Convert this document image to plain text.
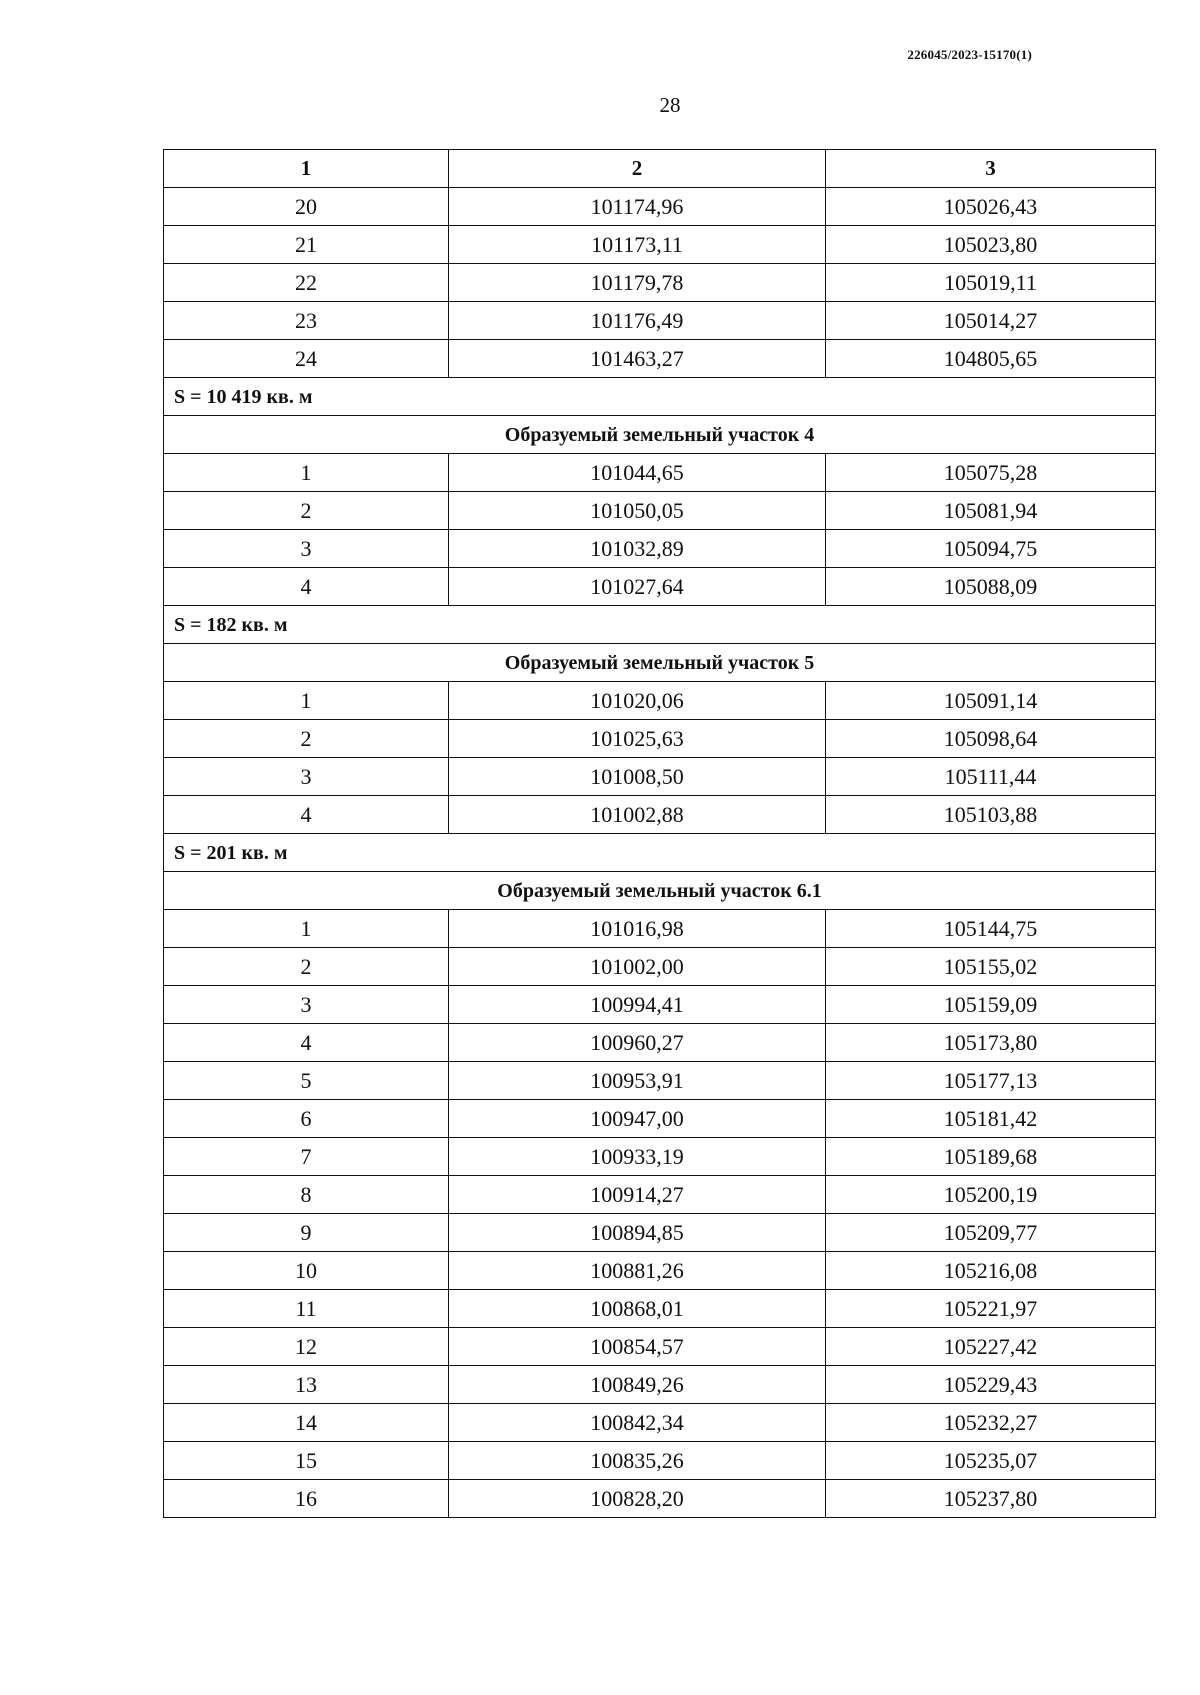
226045/2023-15170(1)
28
1	2	3
20	101174,96	105026,43
21	101173,11	105023,80
22	101179,78	105019,11
23	101176,49	105014,27
24	101463,27	104805,65
S = 10 419 кв. м		
Образуемый земельный участок 4		
1	101044,65	105075,28
2	101050,05	105081,94
3	101032,89	105094,75
4	101027,64	105088,09
S = 182 кв. м		
Образуемый земельный участок 5		
1	101020,06	105091,14
2	101025,63	105098,64
3	101008,50	105111,44
4	101002,88	105103,88
S = 201 кв. м		
Образуемый земельный участок 6.1		
1	101016,98	105144,75
2	101002,00	105155,02
3	100994,41	105159,09
4	100960,27	105173,80
5	100953,91	105177,13
6	100947,00	105181,42
7	100933,19	105189,68
8	100914,27	105200,19
9	100894,85	105209,77
10	100881,26	105216,08
11	100868,01	105221,97
12	100854,57	105227,42
13	100849,26	105229,43
14	100842,34	105232,27
15	100835,26	105235,07
16	100828,20	105237,80
